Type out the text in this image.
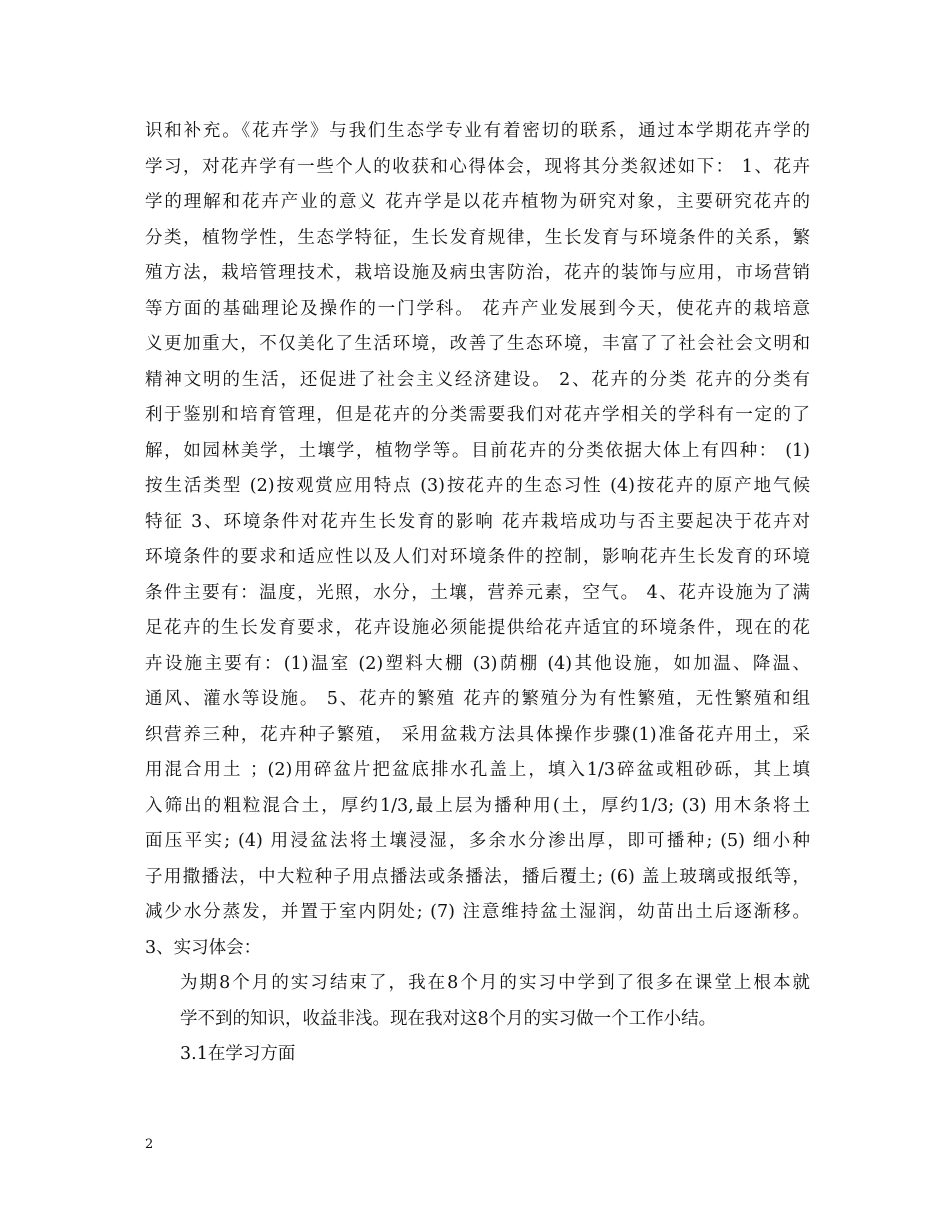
识和补充。《花卉学》与我们生态学专业有着密切的联系，通过本学期花卉学的
学习，对花卉学有一些个人的收获和心得体会，现将其分类叙述如下： 1、花卉
学的理解和花卉产业的意义 花卉学是以花卉植物为研究对象，主要研究花卉的
分类，植物学性，生态学特征，生长发育规律，生长发育与环境条件的关系，繁
殖方法，栽培管理技术，栽培设施及病虫害防治，花卉的装饰与应用，市场营销
等方面的基础理论及操作的一门学科。 花卉产业发展到今天，使花卉的栽培意
义更加重大，不仅美化了生活环境，改善了生态环境，丰富了了社会社会文明和
精神文明的生活，还促进了社会主义经济建设。 2、花卉的分类 花卉的分类有
利于鉴别和培育管理，但是花卉的分类需要我们对花卉学相关的学科有一定的了
解，如园林美学，土壤学，植物学等。目前花卉的分类依据大体上有四种： (1)
按生活类型 (2)按观赏应用特点 (3)按花卉的生态习性 (4)按花卉的原产地气候
特征 3、环境条件对花卉生长发育的影响 花卉栽培成功与否主要起决于花卉对
环境条件的要求和适应性以及人们对环境条件的控制，影响花卉生长发育的环境
条件主要有：温度，光照，水分，土壤，营养元素，空气。 4、花卉设施为了满
足花卉的生长发育要求，花卉设施必须能提供给花卉适宜的环境条件，现在的花
卉设施主要有：(1)温室 (2)塑料大棚 (3)荫棚 (4)其他设施，如加温、降温、
通风、灌水等设施。 5、花卉的繁殖 花卉的繁殖分为有性繁殖，无性繁殖和组
织营养三种，花卉种子繁殖， 采用盆栽方法具体操作步骤(1)准备花卉用土，采
用混合用土 ；(2)用碎盆片把盆底排水孔盖上，填入1/3碎盆或粗砂砾，其上填
入筛出的粗粒混合土，厚约1/3,最上层为播种用(土，厚约1/3; (3) 用木条将土
面压平实; (4) 用浸盆法将土壤浸湿，多余水分渗出厚，即可播种; (5) 细小种
子用撒播法，中大粒种子用点播法或条播法，播后覆土; (6) 盖上玻璃或报纸等，
减少水分蒸发，并置于室内阴处; (7) 注意维持盆土湿润，幼苗出土后逐渐移。
3、实习体会：
为期8个月的实习结束了，我在8个月的实习中学到了很多在课堂上根本就
学不到的知识，收益非浅。现在我对这8个月的实习做一个工作小结。
3.1在学习方面
2
